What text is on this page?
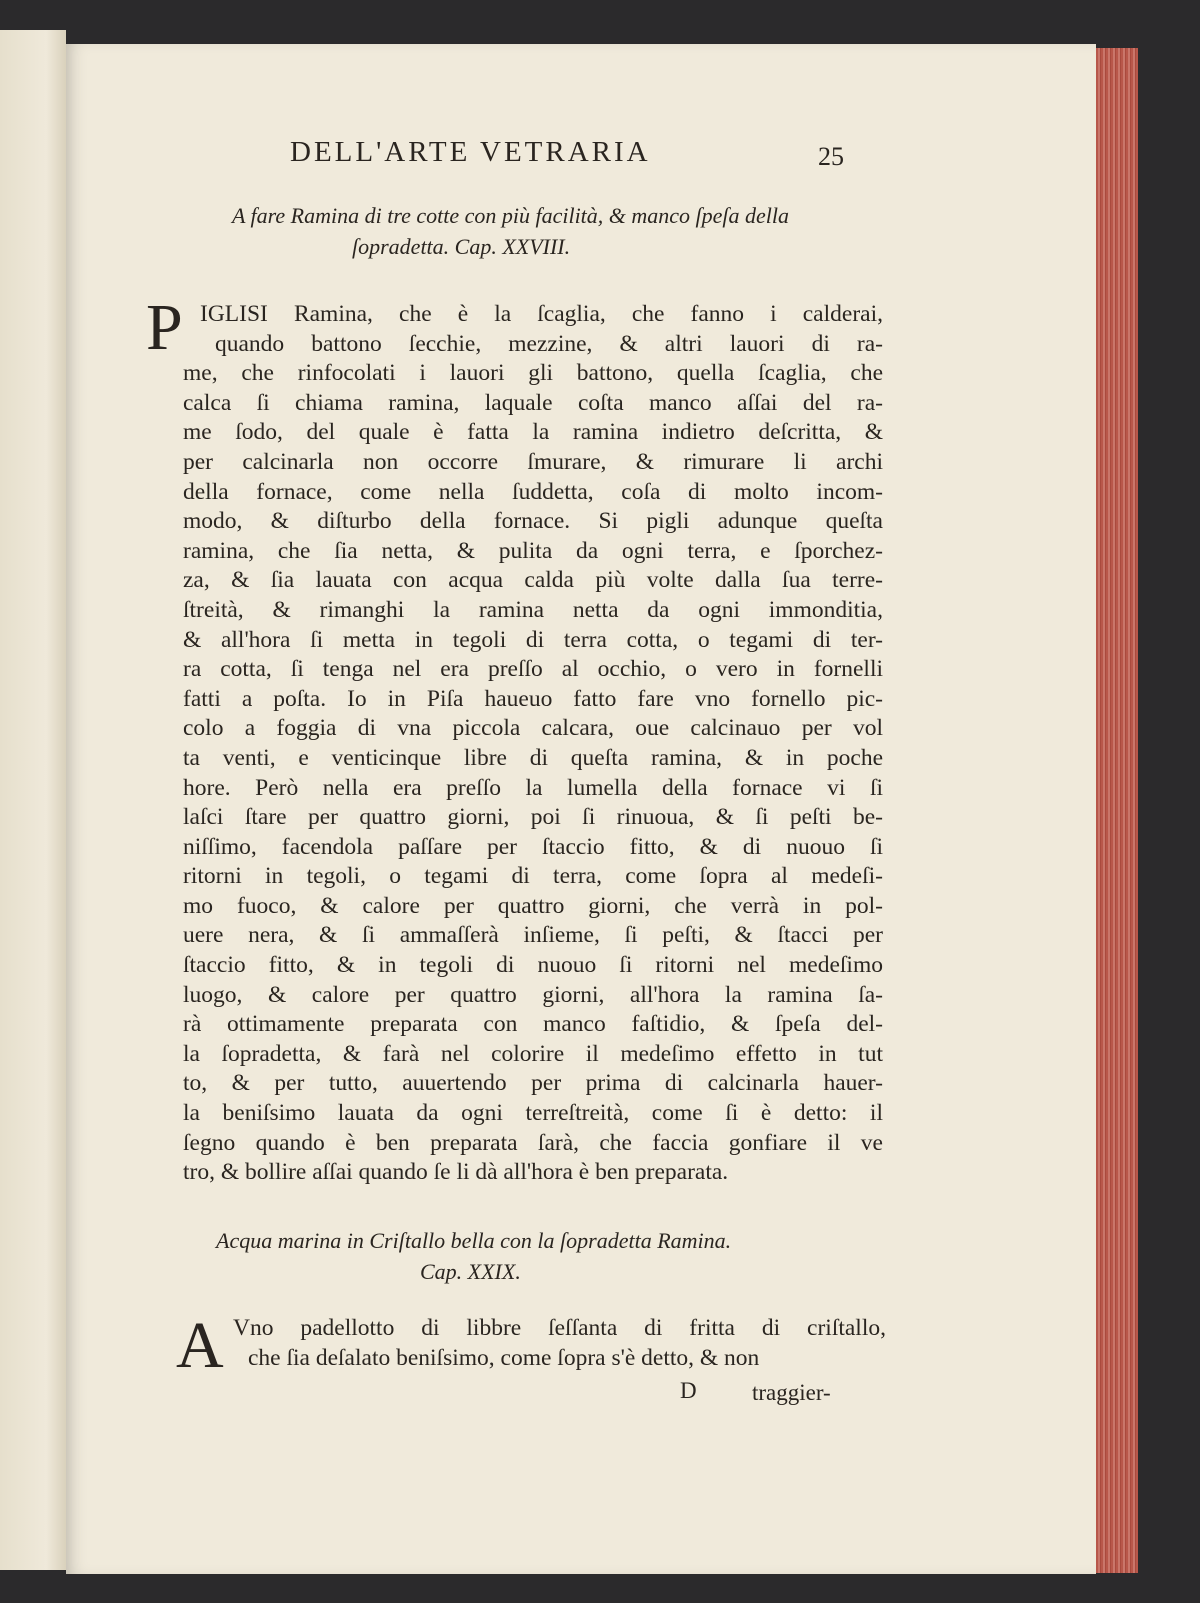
DELL'ARTE VETRARIA	25
A fare Ramina di tre cotte con più facilità, & manco ſpeſa della
ſopradetta. Cap. XXVIII.
P IGLISI Ramina, che è la ſcaglia, che fanno i calderai,
quando battono ſecchie, mezzine, & altri lauori di ra-
me, che rinfocolati i lauori gli battono, quella ſcaglia, che
calca ſi chiama ramina, laquale coſta manco aſſai del ra-
me ſodo, del quale è fatta la ramina indietro deſcritta, &
per calcinarla non occorre ſmurare, & rimurare li archi
della fornace, come nella ſuddetta, coſa di molto incom-
modo, & diſturbo della fornace. Si pigli adunque queſta
ramina, che ſia netta, & pulita da ogni terra, e ſporchez-
za, & ſia lauata con acqua calda più volte dalla ſua terre-
ſtreità, & rimanghi la ramina netta da ogni immonditia,
& all'hora ſi metta in tegoli di terra cotta, o tegami di ter-
ra cotta, ſi tenga nel era preſſo al occhio, o vero in fornelli
fatti a poſta. Io in Piſa haueuo fatto fare vno fornello pic-
colo a foggia di vna piccola calcara, oue calcinauo per vol
ta venti, e venticinque libre di queſta ramina, & in poche
hore. Però nella era preſſo la lumella della fornace vi ſi
laſci ſtare per quattro giorni, poi ſi rinuoua, & ſi peſti be-
niſſimo, facendola paſſare per ſtaccio fitto, & di nuouo ſi
ritorni in tegoli, o tegami di terra, come ſopra al medeſi-
mo fuoco, & calore per quattro giorni, che verrà in pol-
uere nera, & ſi ammaſſerà inſieme, ſi peſti, & ſtacci per
ſtaccio fitto, & in tegoli di nuouo ſi ritorni nel medeſimo
luogo, & calore per quattro giorni, all'hora la ramina ſa-
rà ottimamente preparata con manco faſtidio, & ſpeſa del-
la ſopradetta, & farà nel colorire il medeſimo effetto in tut
to, & per tutto, auuertendo per prima di calcinarla hauer-
la beniſsimo lauata da ogni terreſtreità, come ſi è detto: il
ſegno quando è ben preparata ſarà, che faccia gonfiare il ve
tro, & bollire aſſai quando ſe li dà all'hora è ben preparata.
Acqua marina in Criſtallo bella con la ſopradetta Ramina.
Cap. XXIX.
A Vno padellotto di libbre ſeſſanta di fritta di criſtallo,
che ſia deſalato beniſsimo, come ſopra s'è detto, & non
D traggier-
